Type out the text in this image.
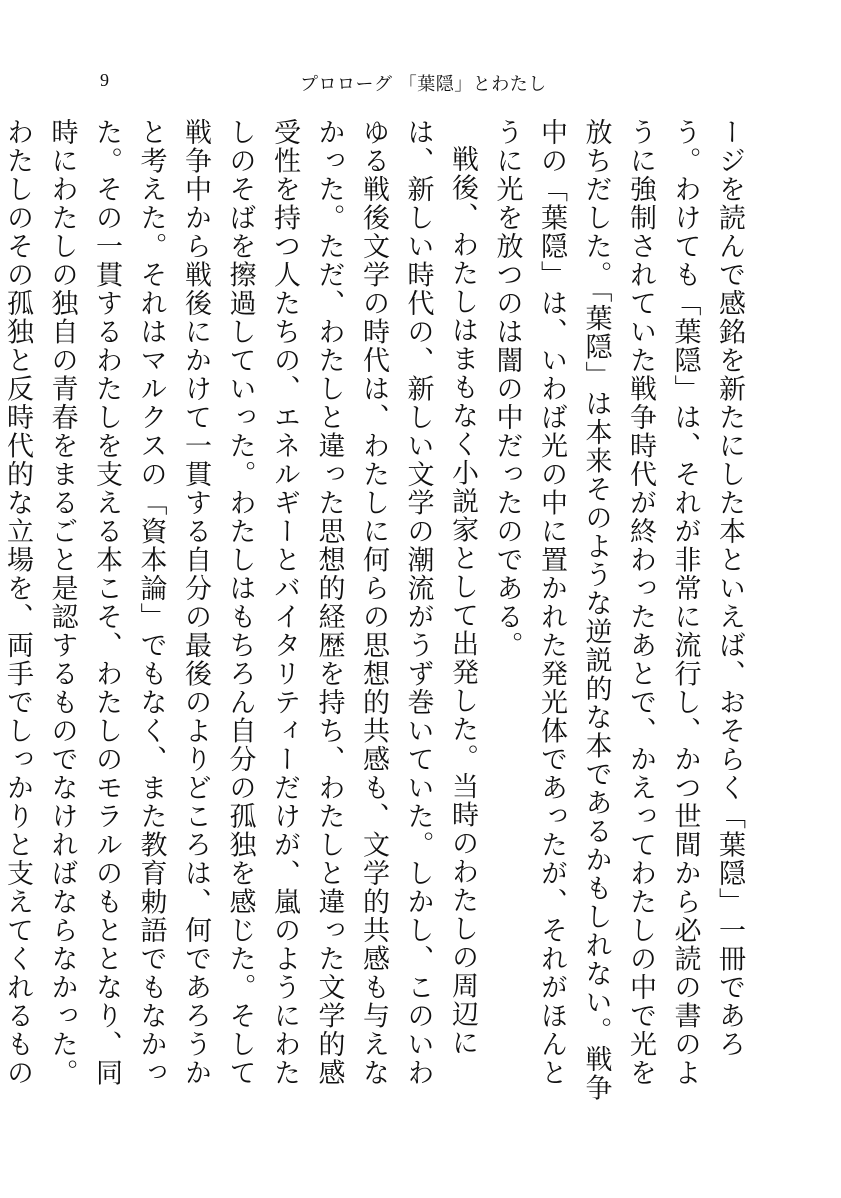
9	プロローグ 「葉隠」とわたし

ージを読んで感銘を新たにした本といえば、おそらく「葉隠」一冊であろう。わけても「葉隠」は、それが非常に流行し、かつ世間から必読の書のように強制されていた戦争時代が終わったあとで、かえってわたしの中で光を放ちだした。「葉隠」は本来そのような逆説的な本であるかもしれない。戦争中の「葉隠」は、いわば光の中に置かれた発光体であったが、それがほんとうに光を放つのは闇の中だったのである。

戦後、わたしはまもなく小説家として出発した。当時のわたしの周辺には、新しい時代の、新しい文学の潮流がうず巻いていた。しかし、このいわゆる戦後文学の時代は、わたしに何らの思想的共感も、文学的共感も与えなかった。ただ、わたしと違った思想的経歴を持ち、わたしと違った文学的感受性を持つ人たちの、エネルギーとバイタリティーだけが、嵐のようにわたしのそばを擦過していった。わたしはもちろん自分の孤独を感じた。そして戦争中から戦後にかけて一貫する自分の最後のよりどころは、何であろうかと考えた。それはマルクスの「資本論」でもなく、また教育勅語でもなかった。その一貫するわたしを支える本こそ、わたしのモラルのもととなり、同時にわたしの独自の青春をまるごと是認するものでなければならなかった。わたしのその孤独と反時代的な立場を、両手でしっかりと支えてくれるもの
